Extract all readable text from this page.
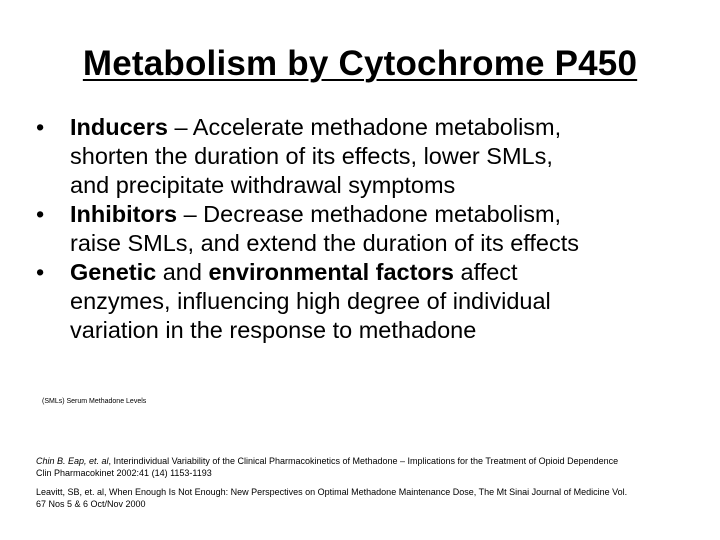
Metabolism by Cytochrome P450
• Inducers – Accelerate methadone metabolism,
shorten the duration of its effects, lower SMLs,
and precipitate withdrawal symptoms
• Inhibitors – Decrease methadone metabolism,
raise SMLs, and extend the duration of its effects
• Genetic and environmental factors affect
enzymes, influencing high degree of individual
variation in the response to methadone
(SMLs) Serum Methadone Levels
Chin B. Eap, et. al, Interindividual Variability of the Clinical Pharmacokinetics of Methadone – Implications for the Treatment of Opioid Dependence
Clin Pharmacokinet 2002:41 (14) 1153-1193
Leavitt, SB, et. al, When Enough Is Not Enough: New Perspectives on Optimal Methadone Maintenance Dose, The Mt Sinai Journal of Medicine Vol.
67 Nos 5 & 6 Oct/Nov 2000
